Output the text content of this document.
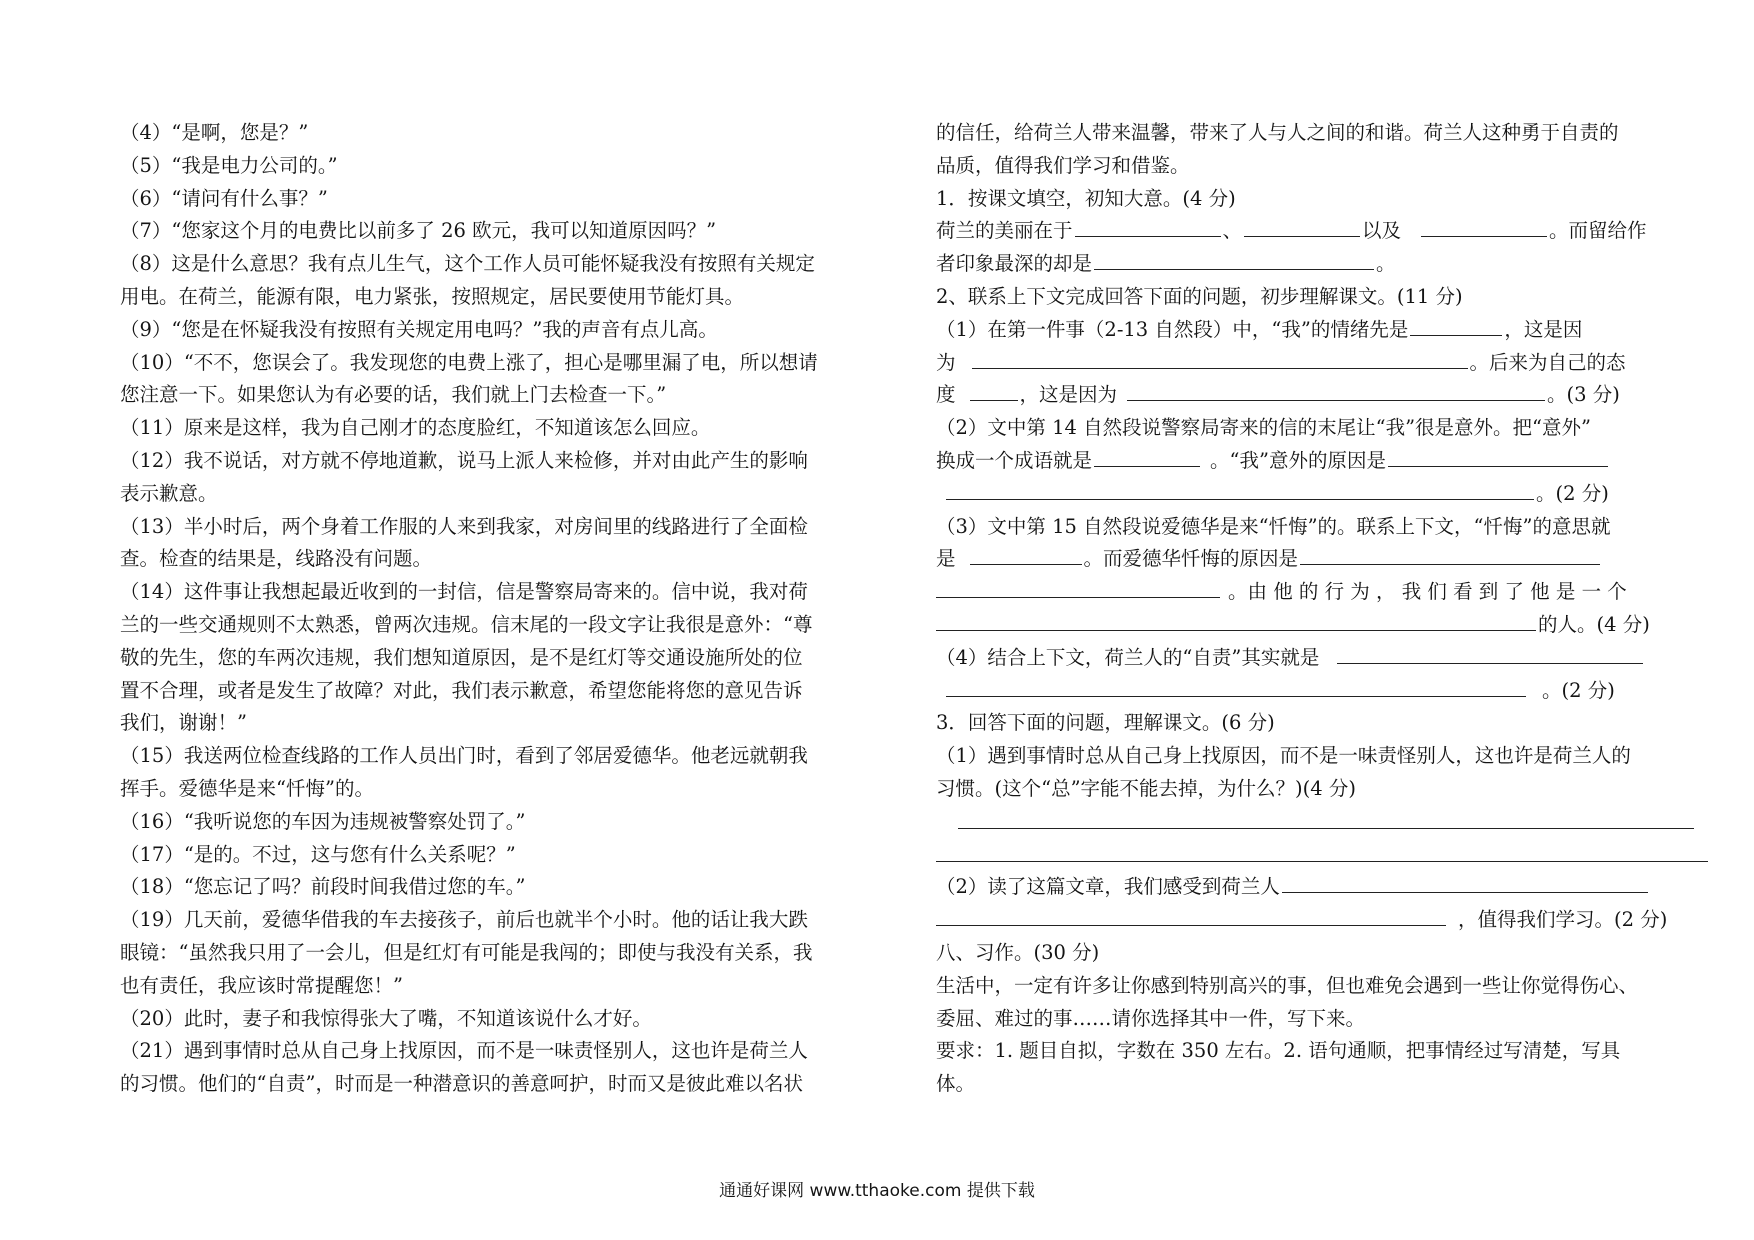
（4）“是啊，您是？”
（5）“我是电力公司的。”
（6）“请问有什么事？”
（7）“您家这个月的电费比以前多了 26 欧元，我可以知道原因吗？”
（8）这是什么意思？我有点儿生气，这个工作人员可能怀疑我没有按照有关规定
用电。在荷兰，能源有限，电力紧张，按照规定，居民要使用节能灯具。
（9）“您是在怀疑我没有按照有关规定用电吗？”我的声音有点儿高。
（10）“不不，您误会了。我发现您的电费上涨了，担心是哪里漏了电，所以想请
您注意一下。如果您认为有必要的话，我们就上门去检查一下。”
（11）原来是这样，我为自己刚才的态度脸红，不知道该怎么回应。
（12）我不说话，对方就不停地道歉，说马上派人来检修，并对由此产生的影响
表示歉意。
（13）半小时后，两个身着工作服的人来到我家，对房间里的线路进行了全面检
查。检查的结果是，线路没有问题。
（14）这件事让我想起最近收到的一封信，信是警察局寄来的。信中说，我对荷
兰的一些交通规则不太熟悉，曾两次违规。信末尾的一段文字让我很是意外：“尊
敬的先生，您的车两次违规，我们想知道原因，是不是红灯等交通设施所处的位
置不合理，或者是发生了故障？对此，我们表示歉意，希望您能将您的意见告诉
我们，谢谢！”
（15）我送两位检查线路的工作人员出门时，看到了邻居爱德华。他老远就朝我
挥手。爱德华是来“忏悔”的。
（16）“我听说您的车因为违规被警察处罚了。”
（17）“是的。不过，这与您有什么关系呢？”
（18）“您忘记了吗？前段时间我借过您的车。”
（19）几天前，爱德华借我的车去接孩子，前后也就半个小时。他的话让我大跌
眼镜：“虽然我只用了一会儿，但是红灯有可能是我闯的；即使与我没有关系，我
也有责任，我应该时常提醒您！”
（20）此时，妻子和我惊得张大了嘴，不知道该说什么才好。
（21）遇到事情时总从自己身上找原因，而不是一味责怪别人，这也许是荷兰人
的习惯。他们的“自责”，时而是一种潜意识的善意呵护，时而又是彼此难以名状
的信任，给荷兰人带来温馨，带来了人与人之间的和谐。荷兰人这种勇于自责的
品质，值得我们学习和借鉴。
1．按课文填空，初知大意。(4 分)
荷兰的美丽在于	、	以及	。而留给作
者印象最深的却是	。
2、联系上下文完成回答下面的问题，初步理解课文。(11 分)
（1）在第一件事（2-13 自然段）中，“我”的情绪先是	，这是因
为	。后来为自己的态
度	，这是因为	。(3 分)
（2）文中第 14 自然段说警察局寄来的信的末尾让“我”很是意外。把“意外”
换成一个成语就是	。“我”意外的原因是
。(2 分)
（3）文中第 15 自然段说爱德华是来“忏悔”的。联系上下文，“忏悔”的意思就
是	。而爱德华忏悔的原因是
。由 他 的 行 为 ， 我 们 看 到 了 他 是 一 个
的人。(4 分)
（4）结合上下文，荷兰人的“自责”其实就是
。(2 分)
3．回答下面的问题，理解课文。(6 分)
（1）遇到事情时总从自己身上找原因，而不是一味责怪别人，这也许是荷兰人的
习惯。(这个“总”字能不能去掉，为什么？)(4 分)
（2）读了这篇文章，我们感受到荷兰人
，值得我们学习。(2 分)
八、习作。(30 分)
生活中，一定有许多让你感到特别高兴的事，但也难免会遇到一些让你觉得伤心、
委屈、难过的事……请你选择其中一件，写下来。
要求：1. 题目自拟，字数在 350 左右。2. 语句通顺，把事情经过写清楚，写具
体。
通通好课网 www.tthaoke.com 提供下载
